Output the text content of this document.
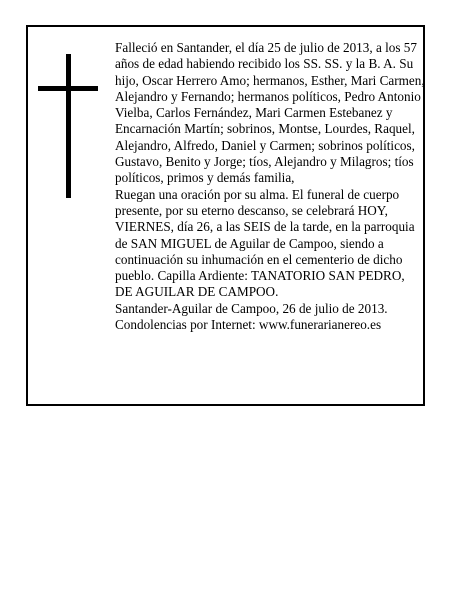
Falleció en Santander, el día 25 de julio de 2013, a los 57 años de edad habiendo recibido los SS. SS. y la B. A. Su hijo, Oscar Herrero Amo; hermanos, Esther, Mari Carmen, Alejandro y Fernando; hermanos políticos, Pedro Antonio Vielba, Carlos Fernández, Mari Carmen Estebanez y Encarnación Martín; sobrinos, Montse, Lourdes, Raquel, Alejandro, Alfredo, Daniel y Carmen; sobrinos políticos, Gustavo, Benito y Jorge; tíos, Alejandro y Milagros; tíos políticos, primos y demás familia,

Ruegan una oración por su alma. El funeral de cuerpo presente, por su eterno descanso, se celebrará HOY, VIERNES, día 26, a las SEIS de la tarde, en la parroquia de SAN MIGUEL de Aguilar de Campoo, siendo a continuación su inhumación en el cementerio de dicho pueblo. Capilla Ardiente: TANATORIO SAN PEDRO, DE AGUILAR DE CAMPOO.

Santander-Aguilar de Campoo, 26 de julio de 2013.

Condolencias por Internet: www.funerarianereo.es
